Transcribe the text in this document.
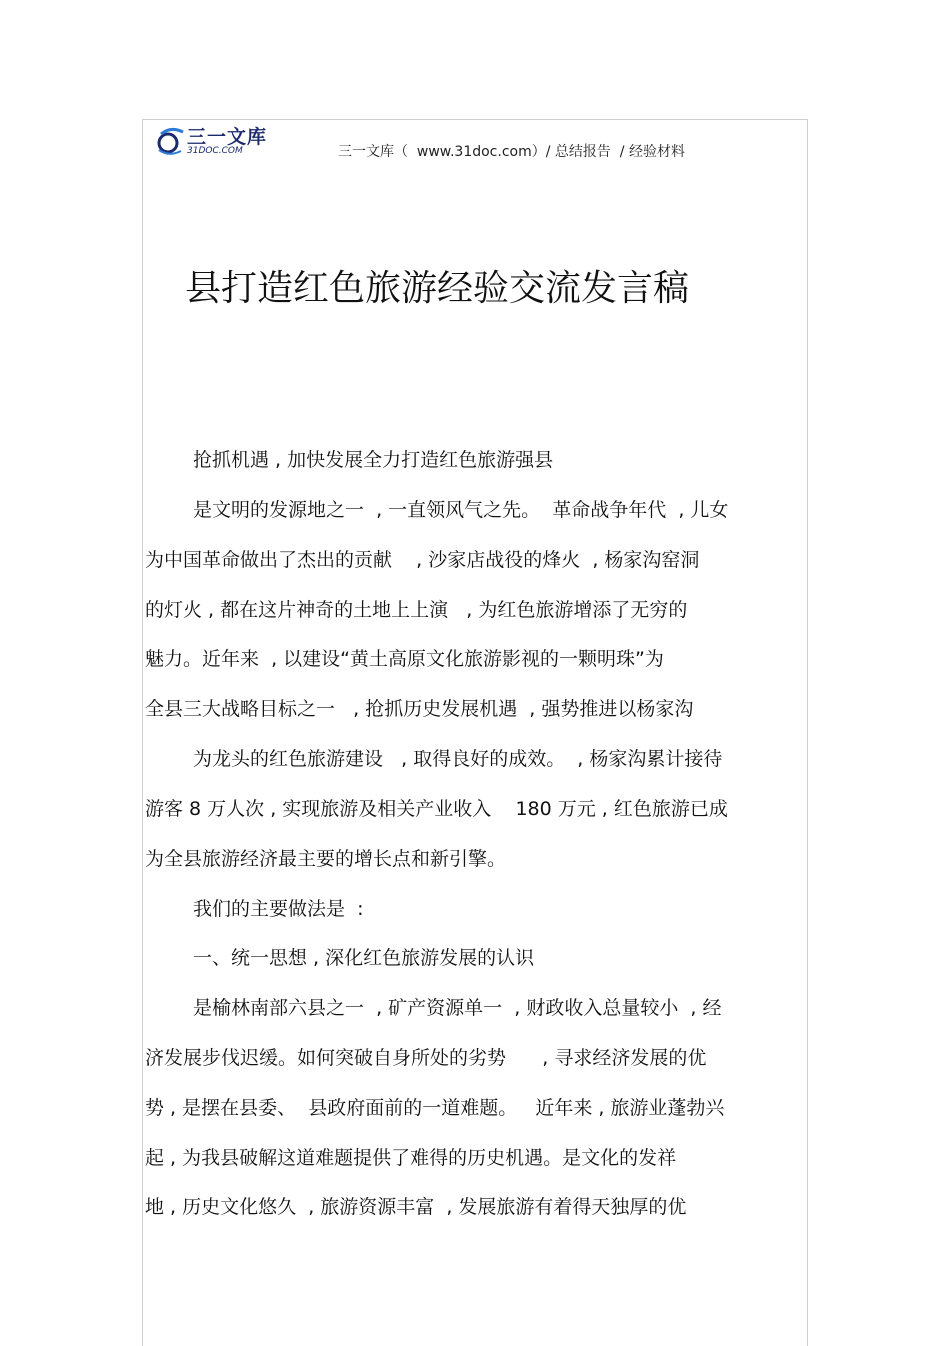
三一文库
31DOC.COM	三一文库（  www.31doc.com）/ 总结报告  / 经验材料
县打造红色旅游经验交流发言稿
抢抓机遇 , 加快发展全力打造红色旅游强县
是文明的发源地之一  , 一直领风气之先。  革命战争年代  , 儿女
为中国革命做出了杰出的贡献    , 沙家店战役的烽火  , 杨家沟窑洞
的灯火 , 都在这片神奇的土地上上演   , 为红色旅游增添了无穷的
魅力。近年来  , 以建设“黄土高原文化旅游影视的一颗明珠”为
全县三大战略目标之一   , 抢抓历史发展机遇  , 强势推进以杨家沟
为龙头的红色旅游建设   , 取得良好的成效。  , 杨家沟累计接待
游客 8 万人次 , 实现旅游及相关产业收入    180 万元 , 红色旅游已成
为全县旅游经济最主要的增长点和新引擎。
我们的主要做法是  :
一、统一思想 , 深化红色旅游发展的认识
是榆林南部六县之一  , 矿产资源单一  , 财政收入总量较小  , 经
济发展步伐迟缓。如何突破自身所处的劣势      , 寻求经济发展的优
势 , 是摆在县委、  县政府面前的一道难题。   近年来 , 旅游业蓬勃兴
起 , 为我县破解这道难题提供了难得的历史机遇。是文化的发祥
地 , 历史文化悠久  , 旅游资源丰富  , 发展旅游有着得天独厚的优
